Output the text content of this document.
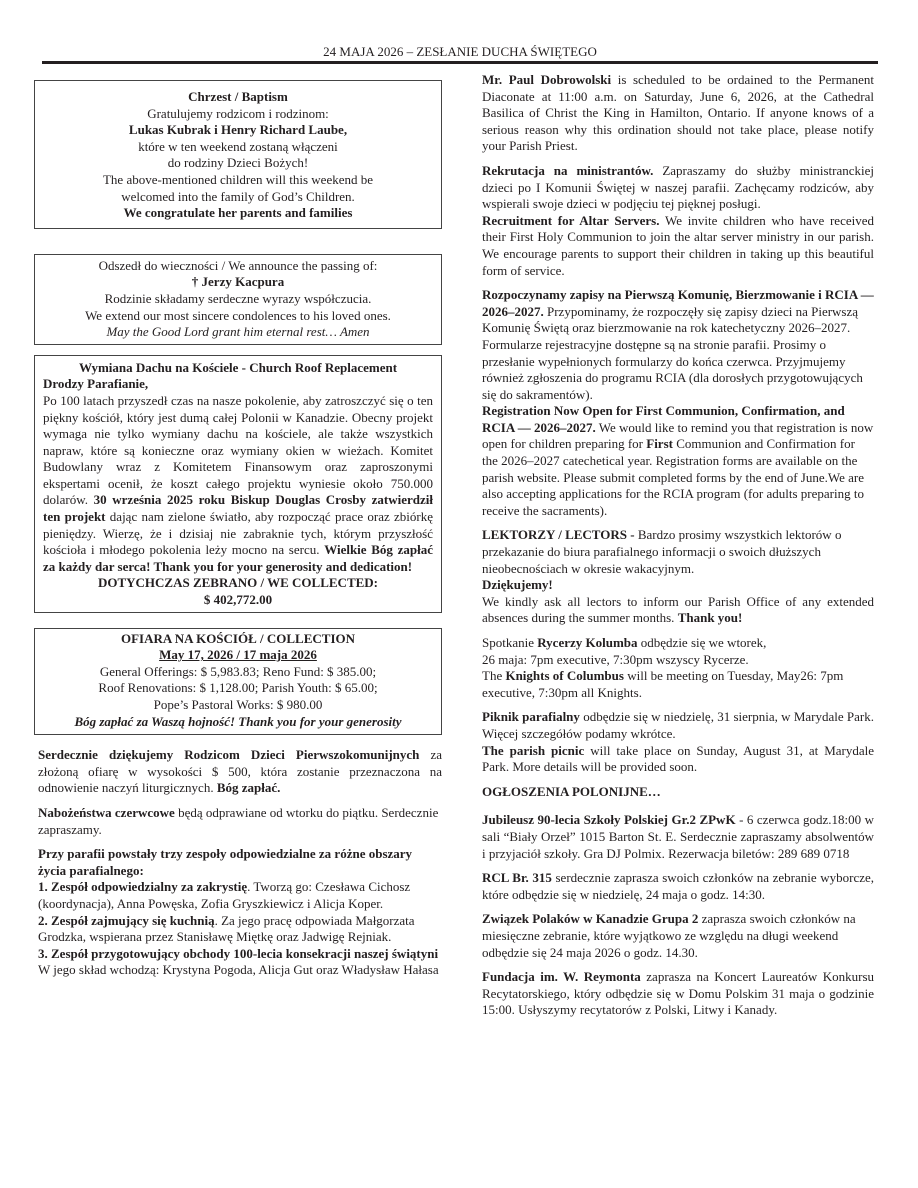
24 MAJA 2026 – ZESŁANIE DUCHA ŚWIĘTEGO
Chrzest / Baptism
Gratulujemy rodzicom i rodzinom:
Lukas Kubrak i Henry Richard Laube,
które w ten weekend zostaną włączeni
do rodziny Dzieci Bożych!
The above-mentioned children will this weekend be
welcomed into the family of God’s Children.
We congratulate her parents and families
Odszedł do wieczności / We announce the passing of:
† Jerzy Kacpura
Rodzinie składamy serdeczne wyrazy współczucia.
We extend our most sincere condolences to his loved ones.
May the Good Lord grant him eternal rest… Amen
Wymiana Dachu na Kościele - Church Roof Replacement
Drodzy Parafianie,

Po 100 latach przyszedł czas na nasze pokolenie, aby zatroszczyć się o ten piękny kościół, który jest dumą całej Polonii w Kanadzie. Obecny projekt wymaga nie tylko wymiany dachu na kościele, ale także wszystkich napraw, które są konieczne oraz wymiany okien w wieżach. Komitet Budowlany wraz z Komitetem Finansowym oraz zaproszonymi ekspertami ocenił, że koszt całego projektu wyniesie około 750.000 dolarów. 30 września 2025 roku Biskup Douglas Crosby zatwierdził ten projekt dając nam zielone światło, aby rozpocząć prace oraz zbiórkę pieniędzy. Wierzę, że i dzisiaj nie zabraknie tych, którym przyszłość kościoła i młodego pokolenia leży mocno na sercu. Wielkie Bóg zapłać za każdy dar serca! Thank you for your generosity and dedication!

DOTYCHCZAS ZEBRANO / WE COLLECTED:
$ 402,772.00
OFIARA NA KOŚCIÓŁ / COLLECTION
May 17, 2026 / 17 maja 2026
General Offerings: $ 5,983.83; Reno Fund: $ 385.00;
Roof Renovations: $ 1,128.00; Parish Youth: $ 65.00;
Pope’s Pastoral Works: $ 980.00
Bóg zapłać za Waszą hojność! Thank you for your generosity

Serdecznie dziękujemy Rodzicom Dzieci Pierwszokomunijnych za złożoną ofiarę w wysokości $ 500, która zostanie przeznaczona na odnowienie naczyń liturgicznych. Bóg zapłać.

Nabożeństwa czerwcowe będą odprawiane od wtorku do piątku. Serdecznie zapraszamy.

Przy parafii powstały trzy zespoły odpowiedzialne za różne obszary życia parafialnego:
1. Zespół odpowiedzialny za zakrystię. Tworzą go: Czesława Cichosz (koordynacja), Anna Powęska, Zofia Gryszkiewicz i Alicja Koper.
2. Zespół zajmujący się kuchnią. Za jego pracę odpowiada Małgorzata Grodzka, wspierana przez Stanisławę Miętkę oraz Jadwigę Rejniak.
3. Zespół przygotowujący obchody 100-lecia konsekracji naszej świątyni
W jego skład wchodzą: Krystyna Pogoda, Alicja Gut oraz Władysław Hałasa

Mr. Paul Dobrowolski is scheduled to be ordained to the Permanent Diaconate at 11:00 a.m. on Saturday, June 6, 2026, at the Cathedral Basilica of Christ the King in Hamilton, Ontario. If anyone knows of a serious reason why this ordination should not take place, please notify your Parish Priest.

Rekrutacja na ministrantów. Zapraszamy do służby ministranckiej dzieci po I Komunii Świętej w naszej parafii. Zachęcamy rodziców, aby wspierali swoje dzieci w podjęciu tej pięknej posługi.

Recruitment for Altar Servers. We invite children who have received their First Holy Communion to join the altar server ministry in our parish. We encourage parents to support their children in taking up this beautiful form of service.

Rozpoczynamy zapisy na Pierwszą Komunię, Bierzmowanie i RCIA — 2026–2027. Przypominamy, że rozpoczęły się zapisy dzieci na Pierwszą Komunię Świętą oraz bierzmowanie na rok katechetyczny 2026–2027. Formularze rejestracyjne dostępne są na stronie parafii. Prosimy o przesłanie wypełnionych formularzy do końca czerwca. Przyjmujemy również zgłoszenia do programu RCIA (dla dorosłych przygotowujących się do sakramentów).

Registration Now Open for First Communion, Confirmation, and RCIA — 2026–2027. We would like to remind you that registration is now open for children preparing for First Communion and Confirmation for the 2026–2027 catechetical year. Registration forms are available on the parish website. Please submit completed forms by the end of June.We are also accepting applications for the RCIA program (for adults preparing to receive the sacraments).

LEKTORZY / LECTORS - Bardzo prosimy wszystkich lektorów o przekazanie do biura parafialnego informacji o swoich dłuższych nieobecnościach w okresie wakacyjnym.

Dziękujemy!

We kindly ask all lectors to inform our Parish Office of any extended absences during the summer months. Thank you!

Spotkanie Rycerzy Kolumba odbędzie się we wtorek,
26 maja: 7pm executive, 7:30pm wszyscy Rycerze.
The Knights of Columbus will be meeting on Tuesday, May26: 7pm executive, 7:30pm all Knights.

Piknik parafialny odbędzie się w niedzielę, 31 sierpnia, w Marydale Park. Więcej szczegółów podamy wkrótce.

The parish picnic will take place on Sunday, August 31, at Marydale Park. More details will be provided soon.

OGŁOSZENIA POLONIJNE…

Jubileusz 90-lecia Szkoły Polskiej Gr.2 ZPwK - 6 czerwca godz.18:00 w sali “Biały Orzeł” 1015 Barton St. E. Serdecznie zapraszamy absolwentów i przyjaciół szkoły. Gra DJ Polmix. Rezerwacja biletów: 289 689 0718

RCL Br. 315 serdecznie zaprasza swoich członków na zebranie wyborcze, które odbędzie się w niedzielę, 24 maja o godz. 14:30.

Związek Polaków w Kanadzie Grupa 2 zaprasza swoich członków na miesięczne zebranie, które wyjątkowo ze względu na długi weekend odbędzie się 24 maja 2026 o godz. 14.30.

Fundacja im. W. Reymonta zaprasza na Koncert Laureatów Konkursu Recytatorskiego, który odbędzie się w Domu Polskim 31 maja o godzinie 15:00. Usłyszymy recytatorów z Polski, Litwy i Kanady.
